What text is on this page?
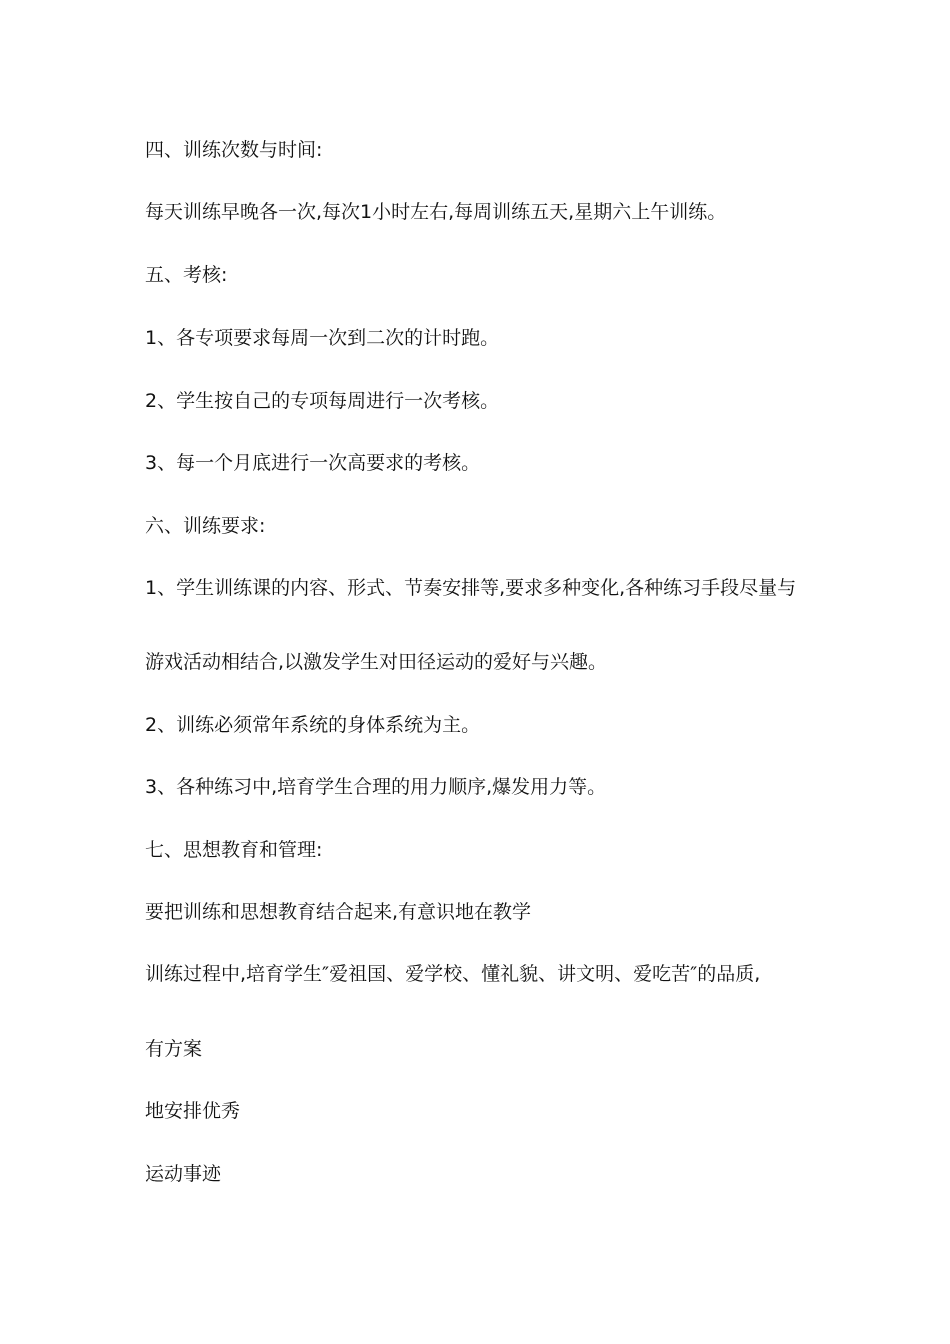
四、训练次数与时间:
每天训练早晚各一次,每次1小时左右,每周训练五天,星期六上午训练。
五、考核:
1、各专项要求每周一次到二次的计时跑。
2、学生按自己的专项每周进行一次考核。
3、每一个月底进行一次高要求的考核。
六、训练要求:
1、学生训练课的内容、形式、节奏安排等,要求多种变化,各种练习手段尽量与
游戏活动相结合,以激发学生对田径运动的爱好与兴趣。
2、训练必须常年系统的身体系统为主。
3、各种练习中,培育学生合理的用力顺序,爆发用力等。
七、思想教育和管理:
要把训练和思想教育结合起来,有意识地在教学
训练过程中,培育学生″爱祖国、爱学校、懂礼貌、讲文明、爱吃苦″的品质,
有方案
地安排优秀
运动事迹
